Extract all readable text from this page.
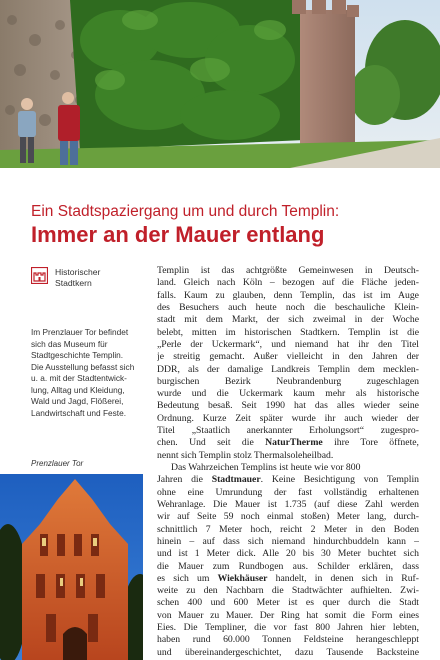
Ein Stadtspaziergang um und durch Templin:
Immer an der Mauer entlang
Historischer
Stadtkern
Im Prenzlauer Tor befindet
sich das Museum für
Stadtgeschichte Templin.
Die Ausstellung befasst sich
u. a. mit der Stadtentwick-
lung, Alltag und Kleidung,
Wald und Jagd, Flößerei,
Landwirtschaft und Feste.
Prenzlauer Tor
Templin ist das achtgrößte Gemeinwesen in Deutsch-
land. Gleich nach Köln – bezogen auf die Fläche jeden-
falls. Kaum zu glauben, denn Templin, das ist im Auge
des Besuchers auch heute noch die beschauliche Klein-
stadt mit dem Markt, der sich zweimal in der Woche
belebt, mitten im historischen Stadtkern. Templin ist die
„Perle der Uckermark“, und niemand hat ihr den Titel
je streitig gemacht. Außer vielleicht in den Jahren der
DDR, als der damalige Landkreis Templin dem mecklen-
burgischen Bezirk Neubrandenburg zugeschlagen
wurde und die Uckermark kaum mehr als historische
Bedeutung besaß. Seit 1990 hat das alles wieder seine
Ordnung. Kurze Zeit später wurde ihr auch wieder der
Titel „Staatlich anerkannter Erholungsort“ zugespro-
chen. Und seit die NaturTherme ihre Tore öffnete,
nennt sich Templin stolz Thermalsoleheilbad.
Das Wahrzeichen Templins ist heute wie vor 800
Jahren die Stadtmauer. Keine Besichtigung von Templin
ohne eine Umrundung der fast vollständig erhaltenen
Wehranlage. Die Mauer ist 1.735 (auf diese Zahl werden
wir auf Seite 59 noch einmal stoßen) Meter lang, durch-
schnittlich 7 Meter hoch, reicht 2 Meter in den Boden
hinein – auf dass sich niemand hindurchbuddeln kann –
und ist 1 Meter dick. Alle 20 bis 30 Meter buchtet sich
die Mauer zum Rundbogen aus. Schilder erklären, dass
es sich um Wiekhäuser handelt, in denen sich in Ruf-
weite zu den Nachbarn die Stadtwächter aufhielten. Zwi-
schen 400 und 600 Meter ist es quer durch die Stadt
von Mauer zu Mauer. Der Ring hat somit die Form eines
Eies. Die Templiner, die vor fast 800 Jahren hier lebten,
haben rund 60.000 Tonnen Feldsteine herangeschleppt
und übereinandergeschichtet, dazu Tausende Backsteine
